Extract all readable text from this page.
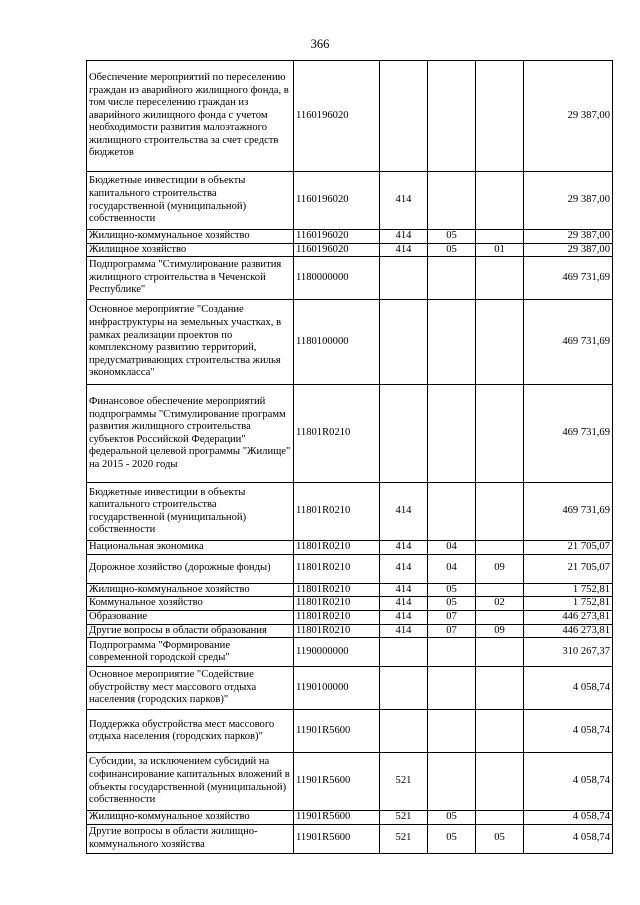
366
Обеспечение мероприятий по переселению граждан из аварийного жилищного фонда, в том числе переселению граждан из аварийного жилищного фонда с учетом необходимости развития малоэтажного жилищного строительства за счет средств бюджетов	1160196020				29 387,00
Бюджетные инвестиции в объекты капитального строительства государственной (муниципальной) собственности	1160196020	414			29 387,00
Жилищно-коммунальное хозяйство	1160196020	414	05		29 387,00
Жилищное хозяйство	1160196020	414	05	01	29 387,00
Подпрограмма "Стимулирование развития жилищного строительства в Чеченской Республике"	1180000000				469 731,69
Основное мероприятие "Создание инфраструктуры на земельных участках, в рамках реализации проектов по комплексному развитию территорий, предусматривающих строительства жилья экономкласса"	1180100000				469 731,69
Финансовое обеспечение мероприятий подпрограммы "Стимулирование программ развития жилищного строительства субъектов Российской Федерации" федеральной целевой программы "Жилище" на 2015 - 2020 годы	11801R0210				469 731,69
Бюджетные инвестиции в объекты капитального строительства государственной (муниципальной) собственности	11801R0210	414			469 731,69
Национальная экономика	11801R0210	414	04		21 705,07
Дорожное хозяйство (дорожные фонды)	11801R0210	414	04	09	21 705,07
Жилищно-коммунальное хозяйство	11801R0210	414	05		1 752,81
Коммунальное хозяйство	11801R0210	414	05	02	1 752,81
Образование	11801R0210	414	07		446 273,81
Другие вопросы в области образования	11801R0210	414	07	09	446 273,81
Подпрограмма "Формирование современной городской среды"	1190000000				310 267,37
Основное мероприятие "Содействие обустройству мест массового отдыха населения (городских парков)"	1190100000				4 058,74
Поддержка обустройства мест массового отдыха населения (городских парков)"	11901R5600				4 058,74
Субсидии, за исключением субсидий на софинансирование капитальных вложений в объекты государственной (муниципальной) собственности	11901R5600	521			4 058,74
Жилищно-коммунальное хозяйство	11901R5600	521	05		4 058,74
Другие вопросы в области жилищно-коммунального хозяйства	11901R5600	521	05	05	4 058,74
